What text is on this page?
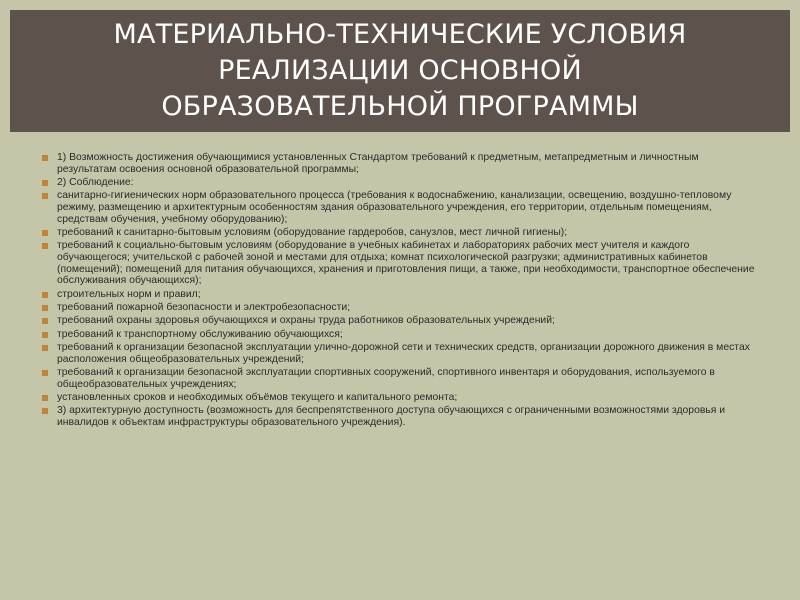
МАТЕРИАЛЬНО-ТЕХНИЧЕСКИЕ УСЛОВИЯ
РЕАЛИЗАЦИИ ОСНОВНОЙ
ОБРАЗОВАТЕЛЬНОЙ ПРОГРАММЫ
1) Возможность достижения обучающимися установленных Стандартом требований к предметным, метапредметным и личностным результатам освоения основной образовательной программы;
2) Соблюдение:
санитарно-гигиенических норм образовательного процесса (требования к водоснабжению, канализации, освещению, воздушно-тепловому режиму, размещению и архитектурным особенностям здания образовательного учреждения, его территории, отдельным помещениям, средствам обучения, учебному оборудованию);
требований к санитарно-бытовым условиям (оборудование гардеробов, санузлов, мест личной гигиены);
требований к социально-бытовым условиям (оборудование в учебных кабинетах и лабораториях рабочих мест учителя и каждого обучающегося; учительской с рабочей зоной и местами для отдыха; комнат психологической разгрузки; административных кабинетов (помещений); помещений для питания обучающихся, хранения и приготовления пищи, а также, при необходимости, транспортное обеспечение обслуживания обучающихся);
строительных норм и правил;
требований пожарной безопасности и электробезопасности;
требований охраны здоровья обучающихся и охраны труда работников образовательных учреждений;
требований к транспортному обслуживанию обучающихся;
требований к организации безопасной эксплуатации улично-дорожной сети и технических средств, организации дорожного движения в местах расположения общеобразовательных учреждений;
требований к организации безопасной эксплуатации спортивных сооружений, спортивного инвентаря и оборудования, используемого в общеобразовательных учреждениях;
установленных сроков и необходимых объёмов текущего и капитального ремонта;
3) архитектурную доступность (возможность для беспрепятственного доступа обучающихся с ограниченными возможностями здоровья и инвалидов к объектам инфраструктуры образовательного учреждения).
